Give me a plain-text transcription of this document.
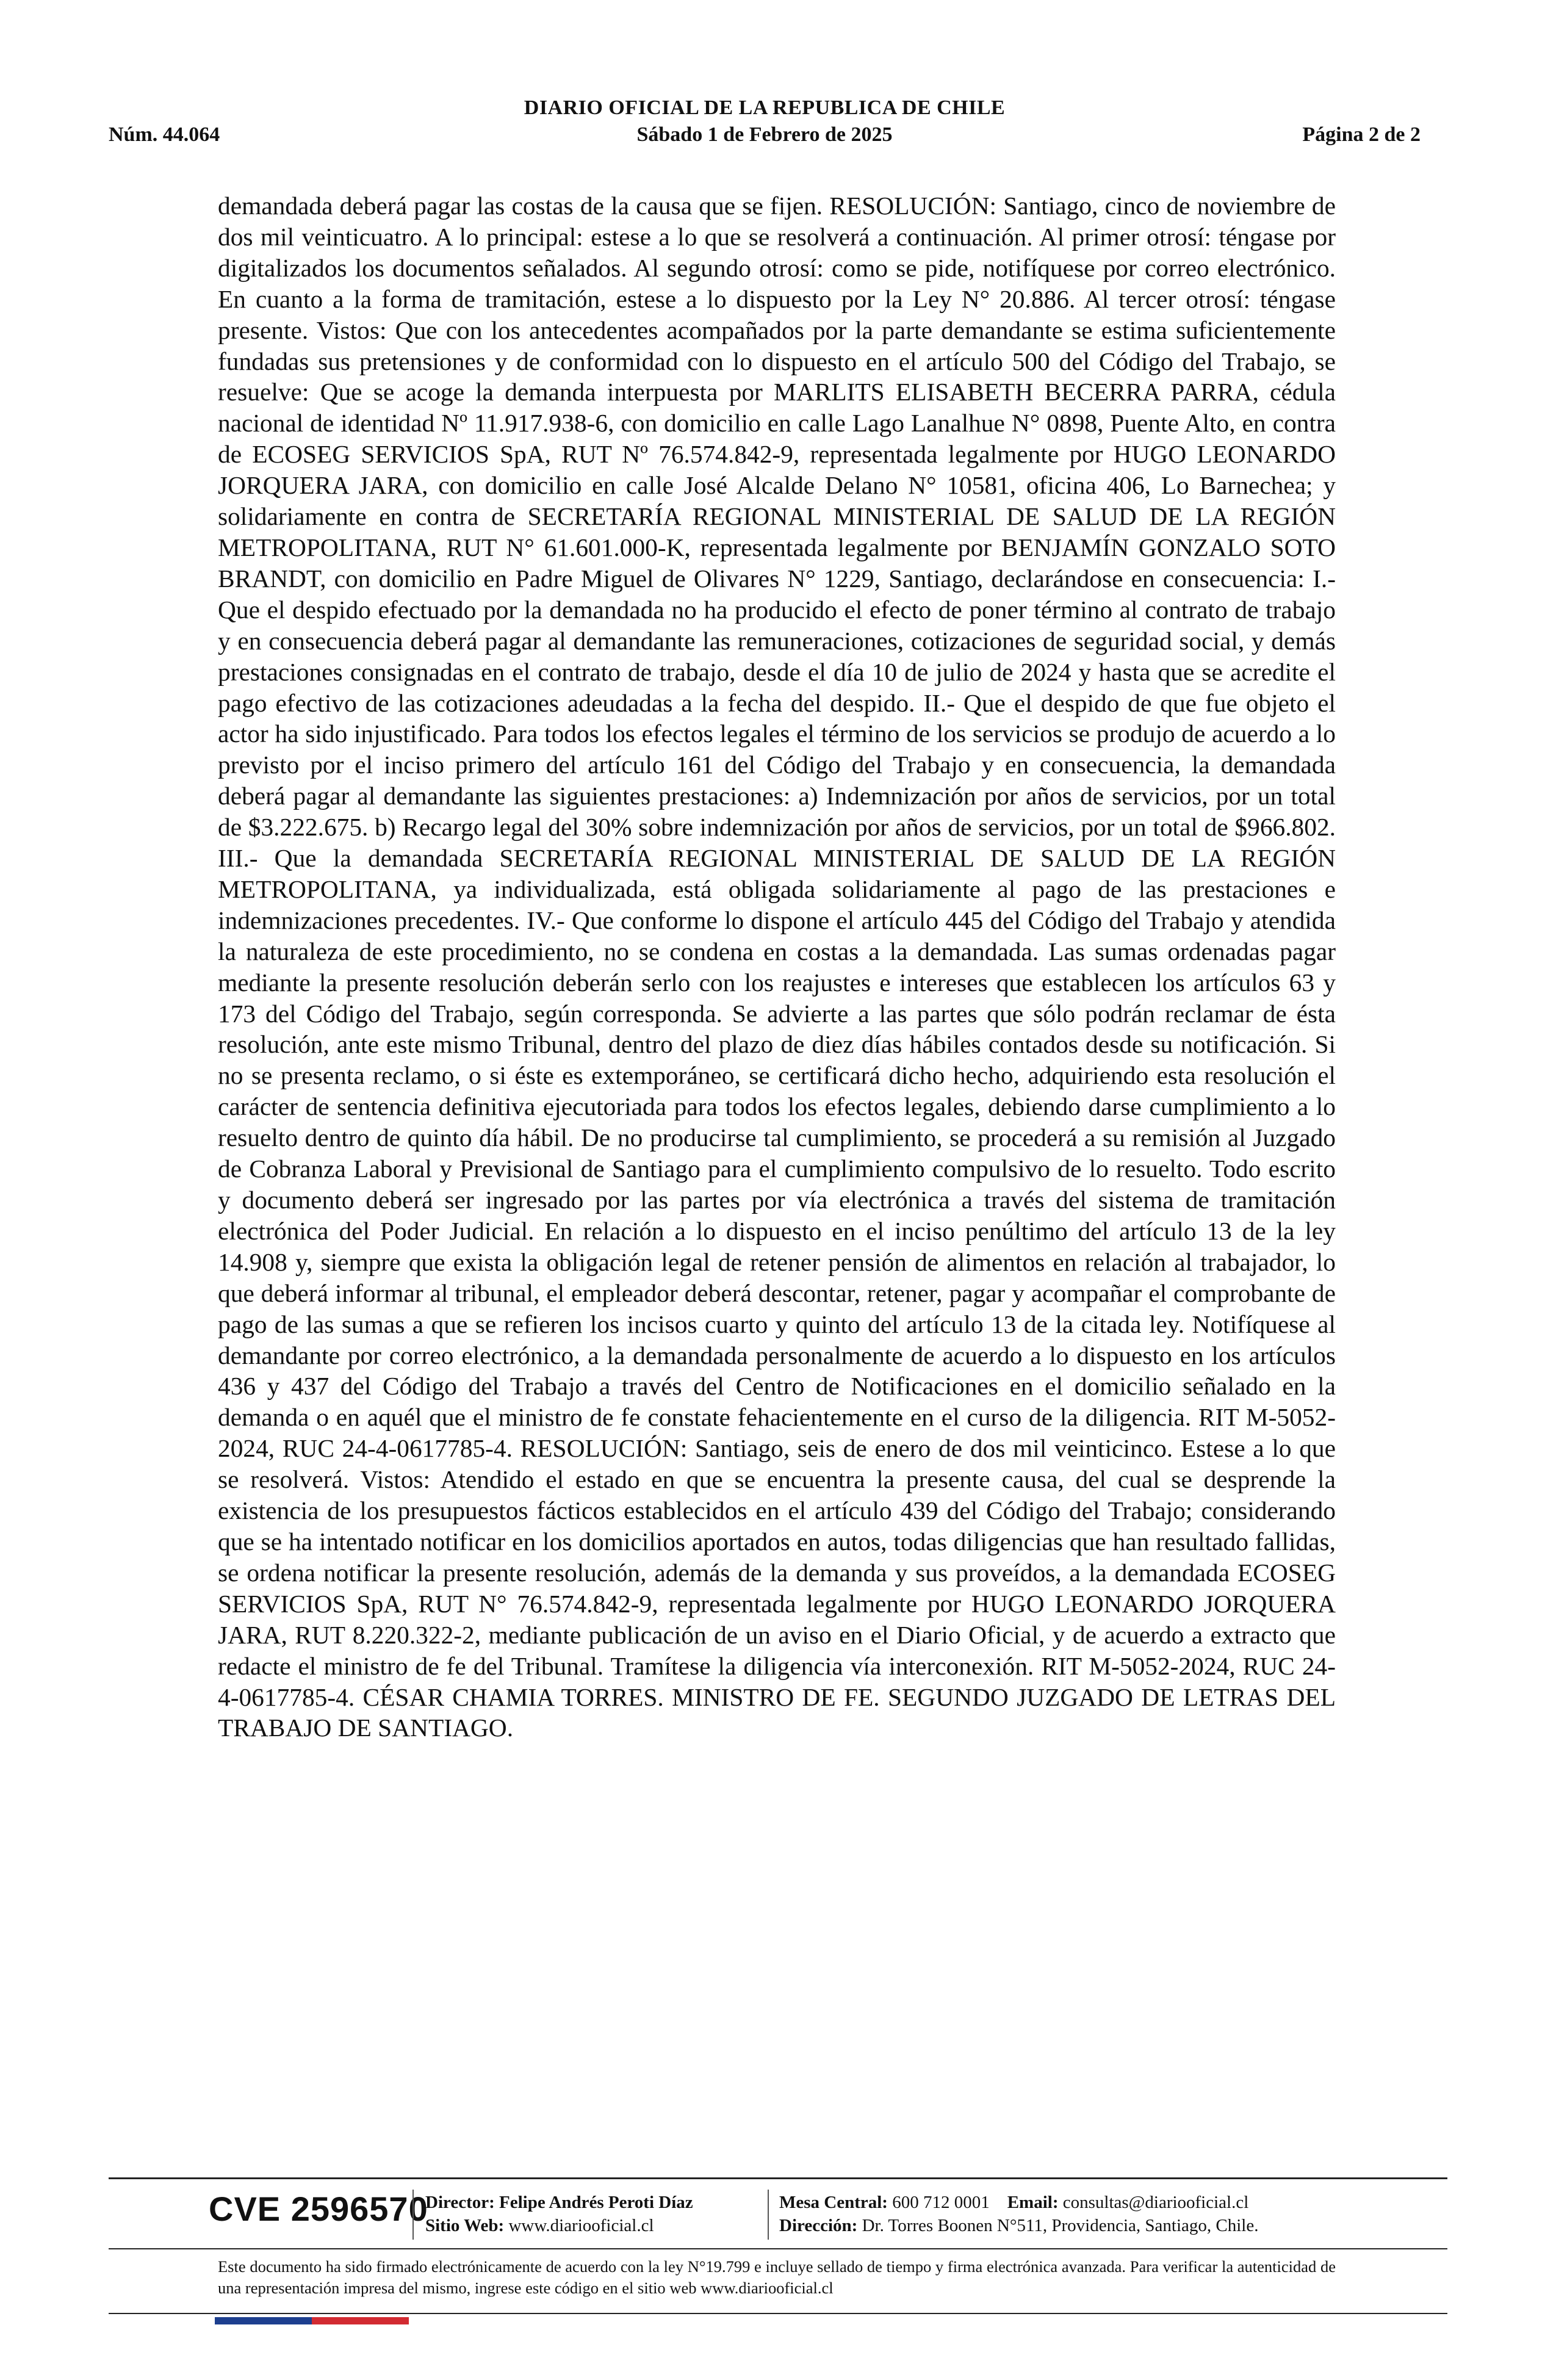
DIARIO OFICIAL DE LA REPUBLICA DE CHILE
Núm. 44.064	Sábado 1 de Febrero de 2025	Página 2 de 2

demandada deberá pagar las costas de la causa que se fijen. RESOLUCIÓN: Santiago, cinco de noviembre de dos mil veinticuatro. A lo principal: estese a lo que se resolverá a continuación. Al primer otrosí: téngase por digitalizados los documentos señalados. Al segundo otrosí: como se pide, notifíquese por correo electrónico. En cuanto a la forma de tramitación, estese a lo dispuesto por la Ley N° 20.886. Al tercer otrosí: téngase presente. Vistos: Que con los antecedentes acompañados por la parte demandante se estima suficientemente fundadas sus pretensiones y de conformidad con lo dispuesto en el artículo 500 del Código del Trabajo, se resuelve: Que se acoge la demanda interpuesta por MARLITS ELISABETH BECERRA PARRA, cédula nacional de identidad Nº 11.917.938-6, con domicilio en calle Lago Lanalhue N° 0898, Puente Alto, en contra de ECOSEG SERVICIOS SpA, RUT Nº 76.574.842-9, representada legalmente por HUGO LEONARDO JORQUERA JARA, con domicilio en calle José Alcalde Delano N° 10581, oficina 406, Lo Barnechea; y solidariamente en contra de SECRETARÍA REGIONAL MINISTERIAL DE SALUD DE LA REGIÓN METROPOLITANA, RUT N° 61.601.000-K, representada legalmente por BENJAMÍN GONZALO SOTO BRANDT, con domicilio en Padre Miguel de Olivares N° 1229, Santiago, declarándose en consecuencia: I.- Que el despido efectuado por la demandada no ha producido el efecto de poner término al contrato de trabajo y en consecuencia deberá pagar al demandante las remuneraciones, cotizaciones de seguridad social, y demás prestaciones consignadas en el contrato de trabajo, desde el día 10 de julio de 2024 y hasta que se acredite el pago efectivo de las cotizaciones adeudadas a la fecha del despido. II.- Que el despido de que fue objeto el actor ha sido injustificado. Para todos los efectos legales el término de los servicios se produjo de acuerdo a lo previsto por el inciso primero del artículo 161 del Código del Trabajo y en consecuencia, la demandada deberá pagar al demandante las siguientes prestaciones: a) Indemnización por años de servicios, por un total de $3.222.675. b) Recargo legal del 30% sobre indemnización por años de servicios, por un total de $966.802. III.- Que la demandada SECRETARÍA REGIONAL MINISTERIAL DE SALUD DE LA REGIÓN METROPOLITANA, ya individualizada, está obligada solidariamente al pago de las prestaciones e indemnizaciones precedentes. IV.- Que conforme lo dispone el artículo 445 del Código del Trabajo y atendida la naturaleza de este procedimiento, no se condena en costas a la demandada. Las sumas ordenadas pagar mediante la presente resolución deberán serlo con los reajustes e intereses que establecen los artículos 63 y 173 del Código del Trabajo, según corresponda. Se advierte a las partes que sólo podrán reclamar de ésta resolución, ante este mismo Tribunal, dentro del plazo de diez días hábiles contados desde su notificación. Si no se presenta reclamo, o si éste es extemporáneo, se certificará dicho hecho, adquiriendo esta resolución el carácter de sentencia definitiva ejecutoriada para todos los efectos legales, debiendo darse cumplimiento a lo resuelto dentro de quinto día hábil. De no producirse tal cumplimiento, se procederá a su remisión al Juzgado de Cobranza Laboral y Previsional de Santiago para el cumplimiento compulsivo de lo resuelto. Todo escrito y documento deberá ser ingresado por las partes por vía electrónica a través del sistema de tramitación electrónica del Poder Judicial. En relación a lo dispuesto en el inciso penúltimo del artículo 13 de la ley 14.908 y, siempre que exista la obligación legal de retener pensión de alimentos en relación al trabajador, lo que deberá informar al tribunal, el empleador deberá descontar, retener, pagar y acompañar el comprobante de pago de las sumas a que se refieren los incisos cuarto y quinto del artículo 13 de la citada ley. Notifíquese al demandante por correo electrónico, a la demandada personalmente de acuerdo a lo dispuesto en los artículos 436 y 437 del Código del Trabajo a través del Centro de Notificaciones en el domicilio señalado en la demanda o en aquél que el ministro de fe constate fehacientemente en el curso de la diligencia. RIT M-5052-2024, RUC 24-4-0617785-4. RESOLUCIÓN: Santiago, seis de enero de dos mil veinticinco. Estese a lo que se resolverá. Vistos: Atendido el estado en que se encuentra la presente causa, del cual se desprende la existencia de los presupuestos fácticos establecidos en el artículo 439 del Código del Trabajo; considerando que se ha intentado notificar en los domicilios aportados en autos, todas diligencias que han resultado fallidas, se ordena notificar la presente resolución, además de la demanda y sus proveídos, a la demandada ECOSEG SERVICIOS SpA, RUT N° 76.574.842-9, representada legalmente por HUGO LEONARDO JORQUERA JARA, RUT 8.220.322-2, mediante publicación de un aviso en el Diario Oficial, y de acuerdo a extracto que redacte el ministro de fe del Tribunal. Tramítese la diligencia vía interconexión. RIT M-5052-2024, RUC 24-4-0617785-4. CÉSAR CHAMIA TORRES. MINISTRO DE FE. SEGUNDO JUZGADO DE LETRAS DEL TRABAJO DE SANTIAGO.

CVE 2596570
Director: Felipe Andrés Peroti Díaz
Sitio Web: www.diariooficial.cl
Mesa Central: 600 712 0001 Email: consultas@diariooficial.cl
Dirección: Dr. Torres Boonen N°511, Providencia, Santiago, Chile.

Este documento ha sido firmado electrónicamente de acuerdo con la ley N°19.799 e incluye sellado de tiempo y firma electrónica avanzada. Para verificar la autenticidad de una representación impresa del mismo, ingrese este código en el sitio web www.diariooficial.cl
